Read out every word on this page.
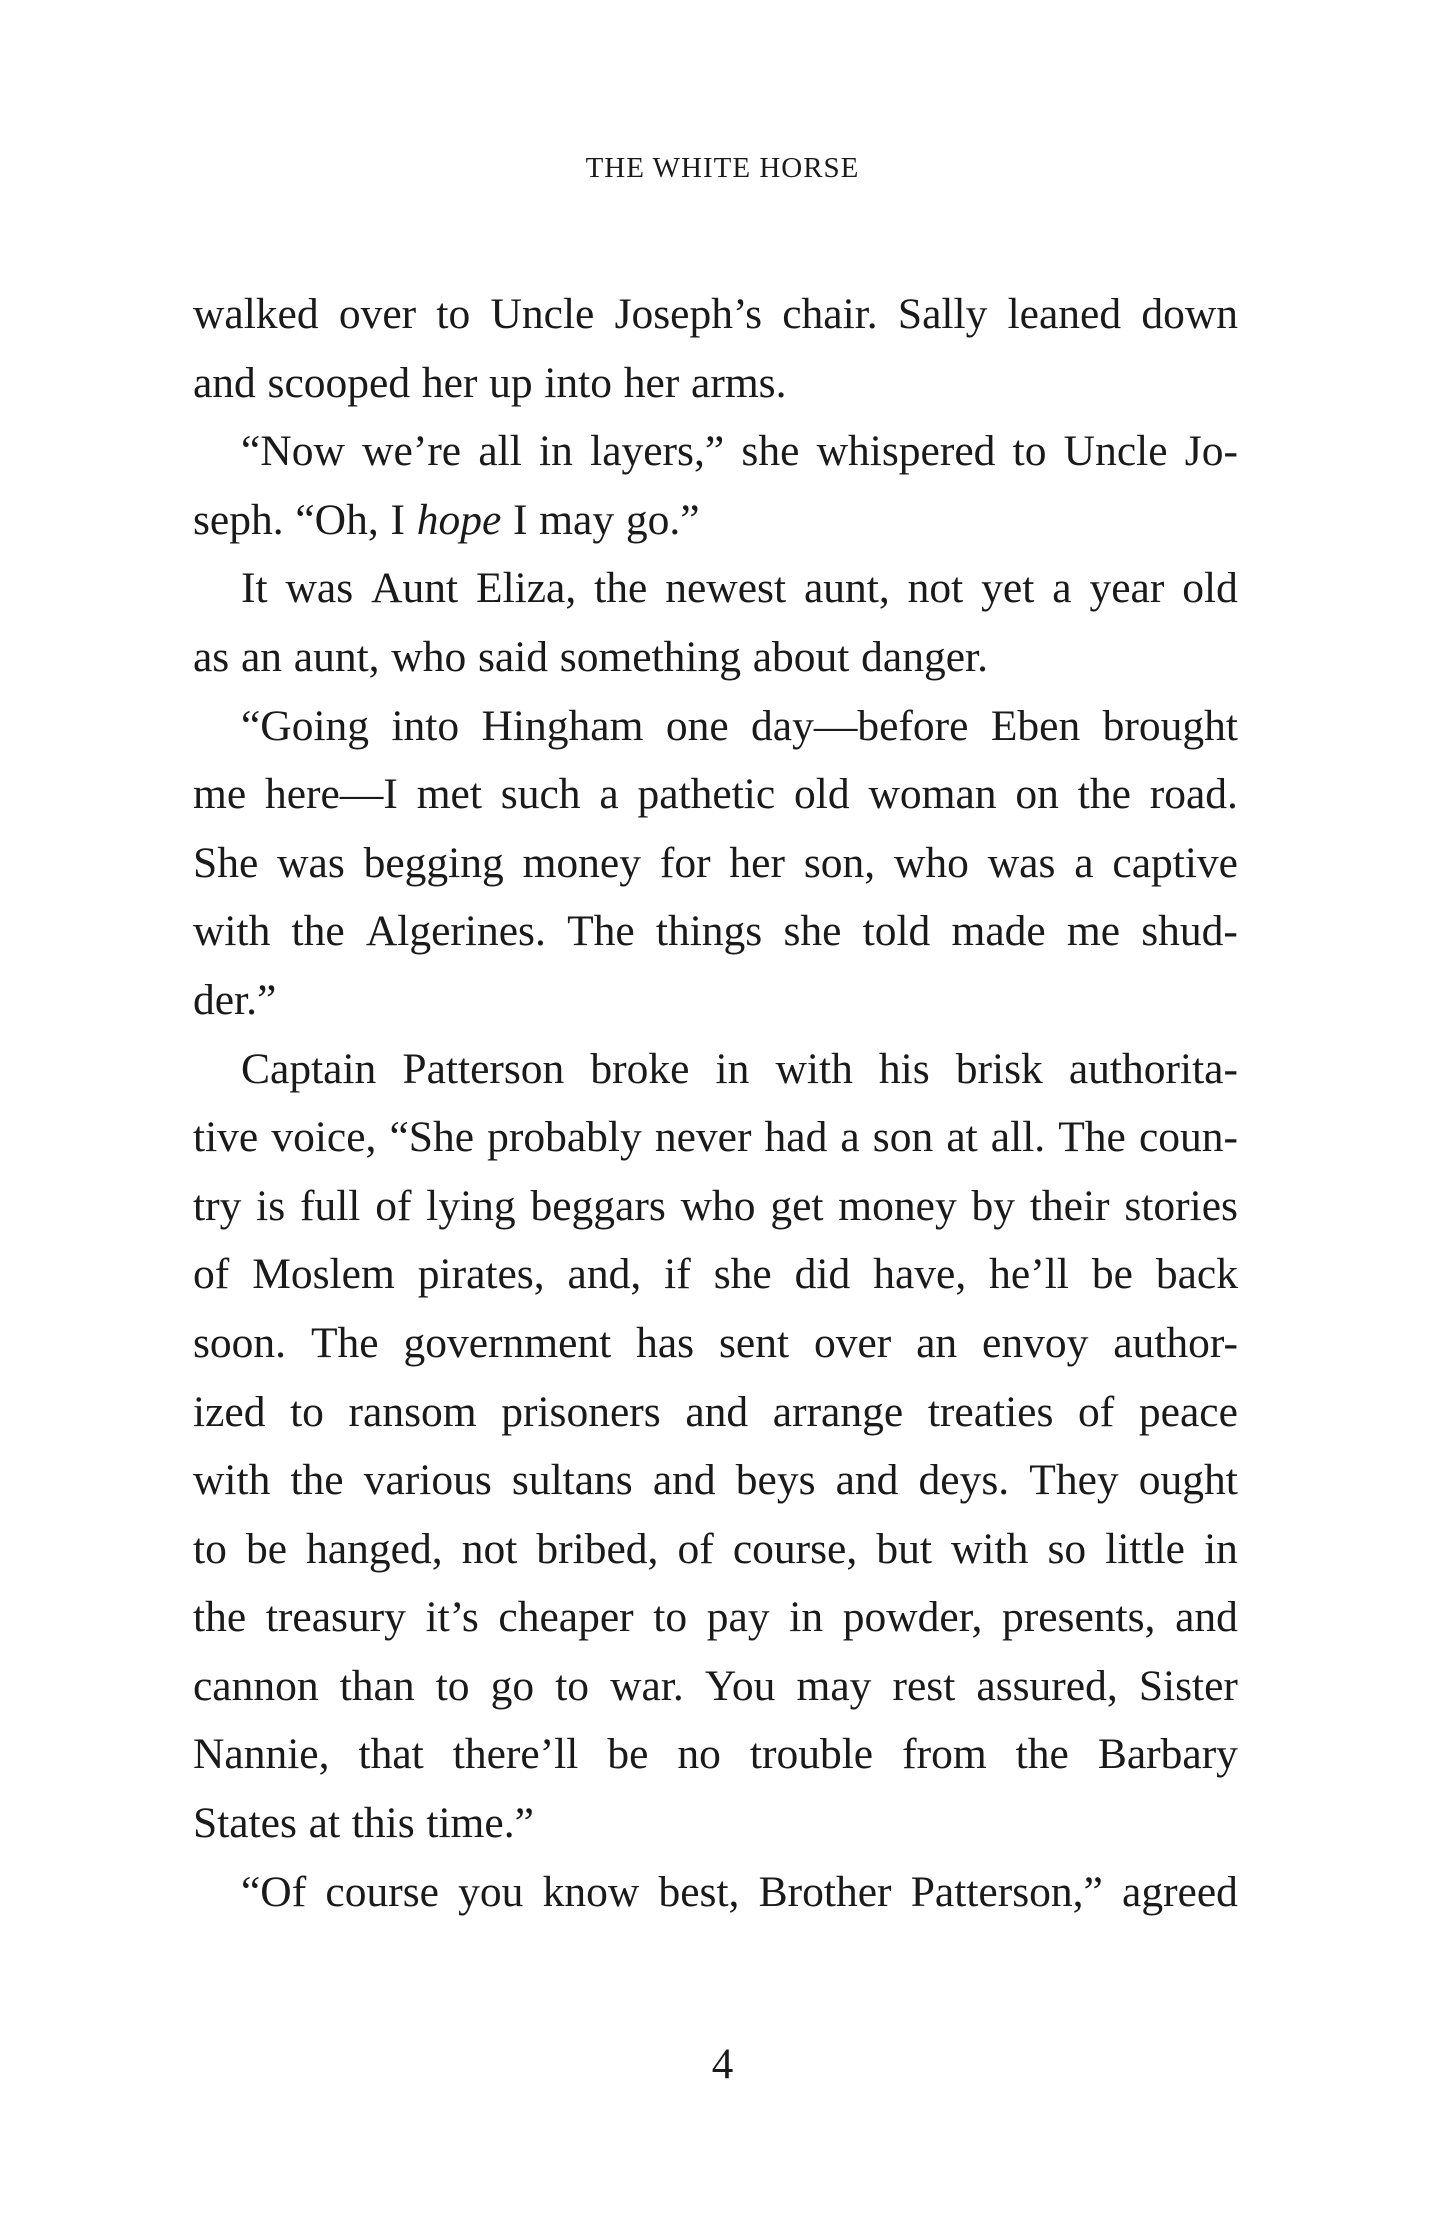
THE WHITE HORSE
walked over to Uncle Joseph’s chair. Sally leaned down
and scooped her up into her arms.
“Now we’re all in layers,” she whispered to Uncle Jo-
seph. “Oh, I hope I may go.”
It was Aunt Eliza, the newest aunt, not yet a year old
as an aunt, who said something about danger.
“Going into Hingham one day—before Eben brought
me here—I met such a pathetic old woman on the road.
She was begging money for her son, who was a captive
with the Algerines. The things she told made me shud-
der.”
Captain Patterson broke in with his brisk authorita-
tive voice, “She probably never had a son at all. The coun-
try is full of lying beggars who get money by their stories
of Moslem pirates, and, if she did have, he’ll be back
soon. The government has sent over an envoy author-
ized to ransom prisoners and arrange treaties of peace
with the various sultans and beys and deys. They ought
to be hanged, not bribed, of course, but with so little in
the treasury it’s cheaper to pay in powder, presents, and
cannon than to go to war. You may rest assured, Sister
Nannie, that there’ll be no trouble from the Barbary
States at this time.”
“Of course you know best, Brother Patterson,” agreed
4
